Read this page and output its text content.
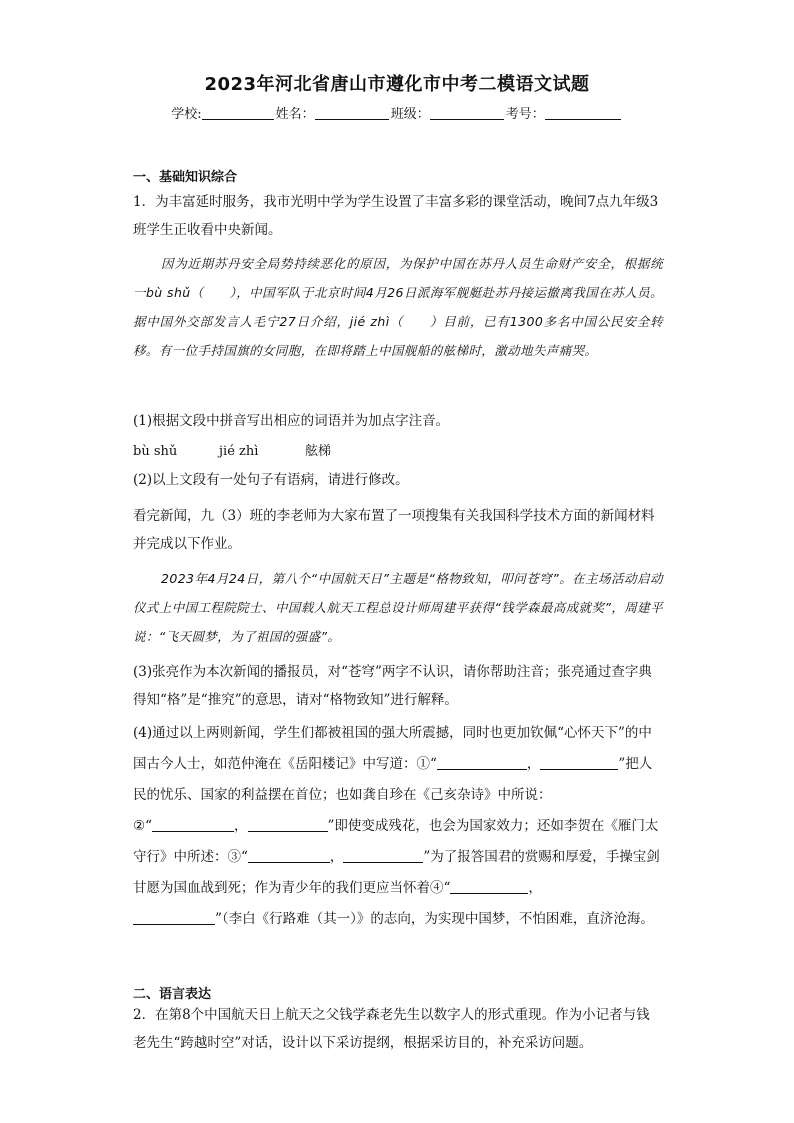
2023年河北省唐山市遵化市中考二模语文试题
学校:	姓名：	班级：	考号：
一、基础知识综合
1．为丰富延时服务，我市光明中学为学生设置了丰富多彩的课堂活动，晚间7点九年级3班学生正收看中央新闻。
因为近期苏丹安全局势持续恶化的原因，为保护中国在苏丹人员生命财产安全，根据统一bù shǔ（　　），中国军队于北京时间4月26日派海军舰艇赴苏丹接运撤离我国在苏人员。据中国外交部发言人毛宁27日介绍，jié zhì（　　）目前，已有1300多名中国公民安全转移。有一位手持国旗的女同胞，在即将踏上中国舰船的舷梯时，激动地失声痛哭。
(1)根据文段中拼音写出相应的词语并为加点字注音。
bù shǔ	jié zhì	舷梯
(2)以上文段有一处句子有语病，请进行修改。
看完新闻，九（3）班的李老师为大家布置了一项搜集有关我国科学技术方面的新闻材料并完成以下作业。
2023年4月24日，第八个“中国航天日”主题是“格物致知，叩问苍穹”。在主场活动启动仪式上中国工程院院士、中国载人航天工程总设计师周建平获得“钱学森最高成就奖”，周建平说：“飞天圆梦，为了祖国的强盛”。
(3)张亮作为本次新闻的播报员，对“苍穹”两字不认识，请你帮助注音；张亮通过查字典得知“格”是“推究”的意思，请对“格物致知”进行解释。
(4)通过以上两则新闻，学生们都被祖国的强大所震撼，同时也更加钦佩“心怀天下”的中国古今人士，如范仲淹在《岳阳楼记》中写道：①“	，	”把人民的忧乐、国家的利益摆在首位；也如龚自珍在《己亥杂诗》中所说：
②“	，	”即使变成残花，也会为国家效力；还如李贺在《雁门太守行》中所述：③“	，	”为了报答国君的赏赐和厚爱，手操宝剑甘愿为国血战到死；作为青少年的我们更应当怀着④“	，
”（李白《行路难（其一）》的志向，为实现中国梦，不怕困难，直济沧海。
二、语言表达
2．在第8个中国航天日上航天之父钱学森老先生以数字人的形式重现。作为小记者与钱老先生“跨越时空”对话，设计以下采访提纲，根据采访目的，补充采访问题。
